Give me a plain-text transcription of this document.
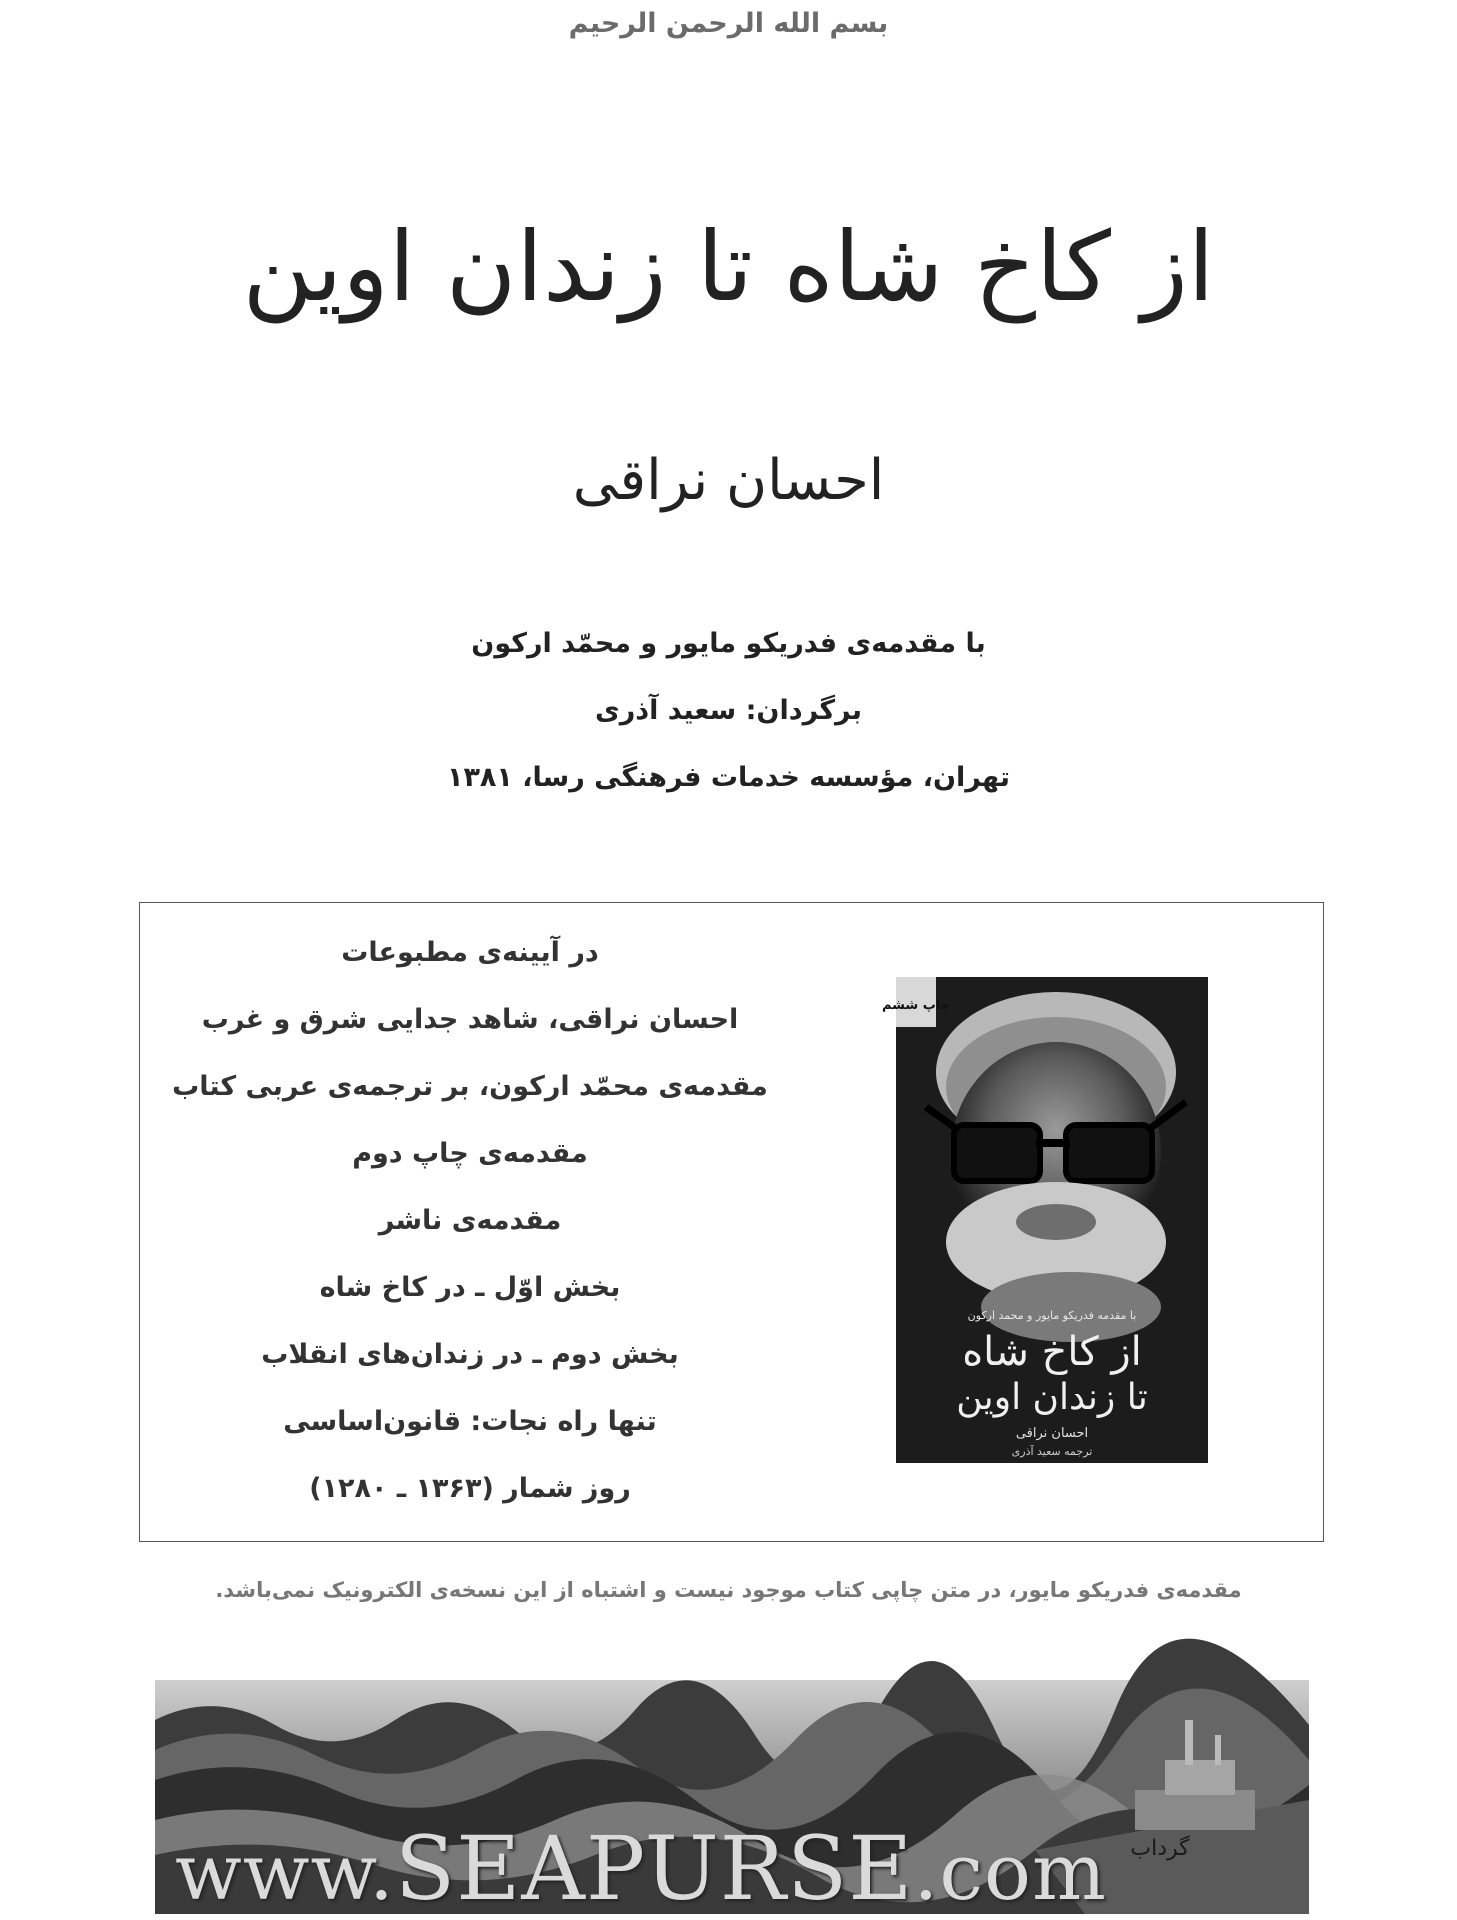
بسم الله الرحمن الرحیم
از کاخ شاه تا زندان اوین
احسان نراقی
با مقدمه‌ی فدریکو مایور و محمّد ارکون
برگردان: سعید آذری
تهران، مؤسسه خدمات فرهنگی رسا، ۱۳۸۱
در آیینه‌ی مطبوعات
احسان نراقی، شاهد جدایی شرق و غرب
مقدمه‌ی محمّد ارکون، بر ترجمه‌ی عربی کتاب
مقدمه‌ی چاپ دوم
مقدمه‌ی ناشر
بخش اوّل ـ در کاخ شاه
بخش دوم ـ در زندان‌های انقلاب
تنها راه نجات: قانون‌اساسی
روز شمار (۱۳۶۳ ـ ۱۲۸۰)
چاپ ششم
با مقدمه فدریکو مایور و محمد ارکون
از کاخ شاه
تا زندان اوین
احسان نراقی
ترجمه سعید آذری
مقدمه‌ی فدریکو مایور، در متن چاپی کتاب موجود نیست و اشتباه از این نسخه‌ی الکترونیک نمی‌باشد.
گرداب
www.SEAPURSE.com
